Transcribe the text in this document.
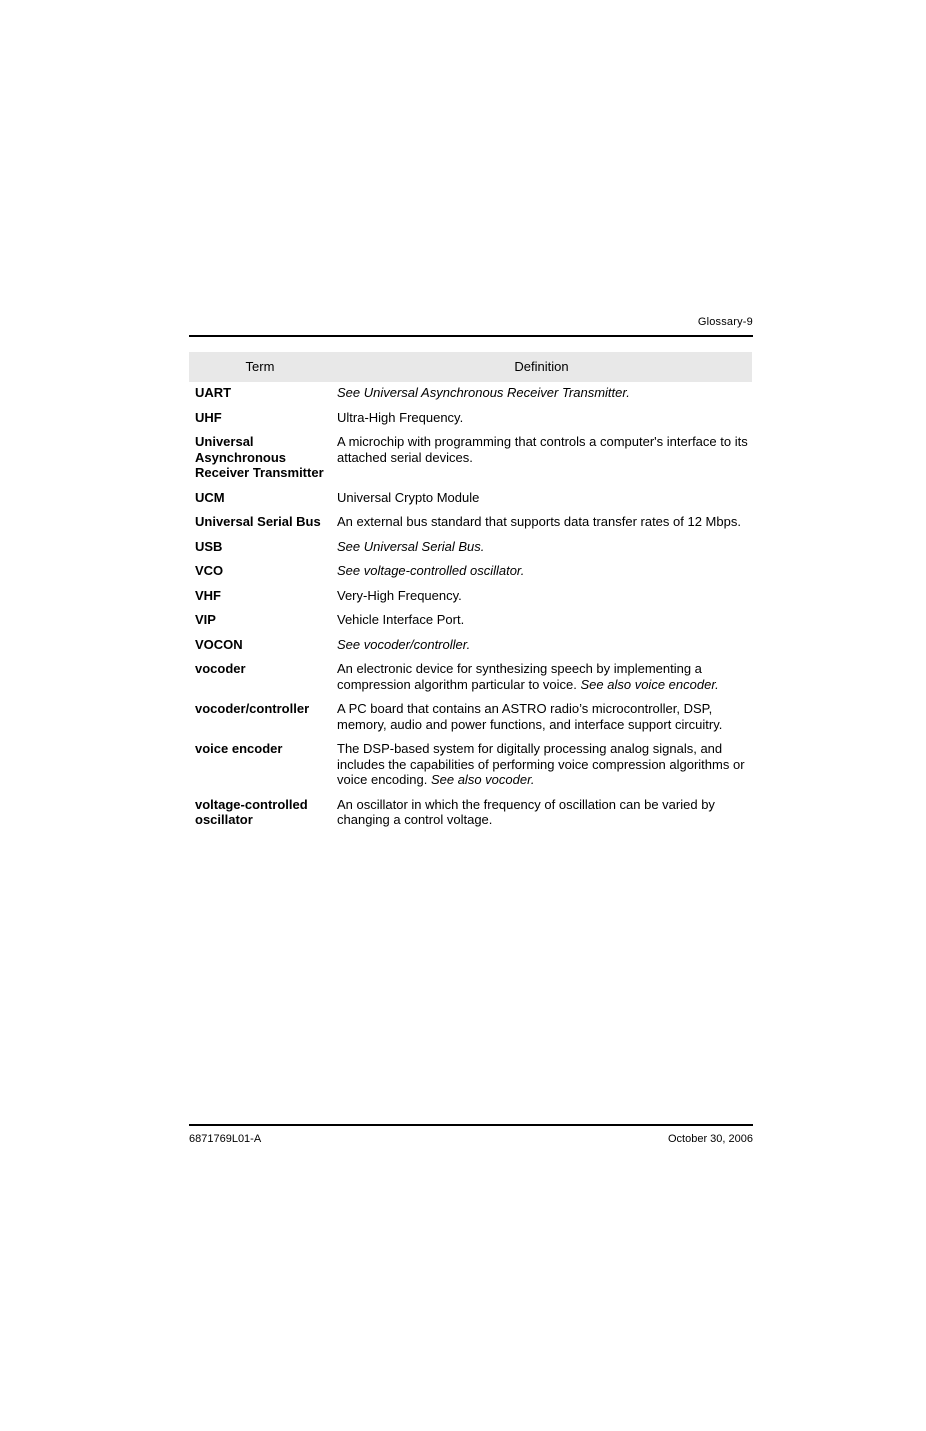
Glossary-9
Term	Definition
UART	See Universal Asynchronous Receiver Transmitter.
UHF	Ultra-High Frequency.
Universal Asynchronous Receiver Transmitter	A microchip with programming that controls a computer's interface to its attached serial devices.
UCM	Universal Crypto Module
Universal Serial Bus	An external bus standard that supports data transfer rates of 12 Mbps.
USB	See Universal Serial Bus.
VCO	See voltage-controlled oscillator.
VHF	Very-High Frequency.
VIP	Vehicle Interface Port.
VOCON	See vocoder/controller.
vocoder	An electronic device for synthesizing speech by implementing a compression algorithm particular to voice. See also voice encoder.
vocoder/controller	A PC board that contains an ASTRO radio’s microcontroller, DSP, memory, audio and power functions, and interface support circuitry.
voice encoder	The DSP-based system for digitally processing analog signals, and includes the capabilities of performing voice compression algorithms or voice encoding. See also vocoder.
voltage-controlled oscillator	An oscillator in which the frequency of oscillation can be varied by changing a control voltage.
6871769L01-A	October 30, 2006
